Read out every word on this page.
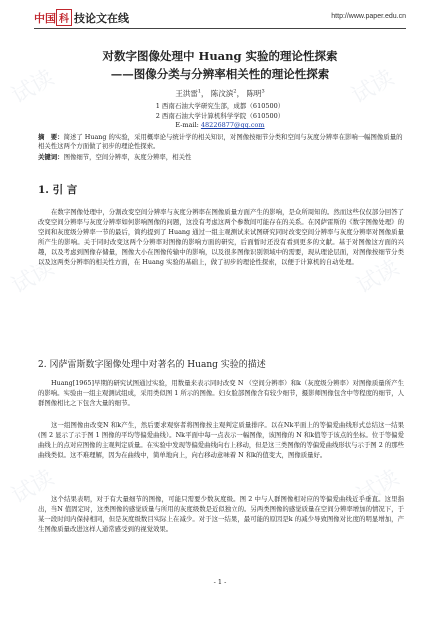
试读	试读
试读	试读
试读	试读
中国 科 技论文在线	http://www.paper.edu.cn
对数字图像处理中 Huang 实验的理论性探索
——图像分类与分辨率相关性的理论性探索
王洪雷$^1$， 陈汶滨$^2$， 陈明$^3$
1 西南石油大学研究生部，成都（610500）
2 西南石油大学计算机科学学院（610500）
E-mail: 48226877@qq.com
摘　要：简述了 Huang 的实验，采用概率论与统计学的相关知识，对图像按细节分类和空间与灰度分辨率在影响一幅图像质量的相关性这两个方面做了初步的理论性探索。
关键词：图像细节，空间分辨率，灰度分辨率，相关性
1. 引 言
在数字图像处理中，分割改变空间分辨率与灰度分辨率在图像质量方面产生的影响，是众所周知的。然而这些仅仅部分回答了改变空间分辨率与灰度分辨率如何影响图像的问题，这没有考虑这两个参数间可能存在的关系。在冈萨雷斯的《数字图像处理》的空间和灰度级分辨率一节的最后，简约提到了 Huang 通过一组主观测试来试图研究同时改变空间分辨率与灰度分辨率对图像质量所产生的影响。关于同时改变这两个分辨率对图像的影响方面的研究，后面暂时还没有看到更多的文献。基于对图像这方面的兴趣，以及考虑到图像存储量，图像大小在图像传输中的影响，以及很多图像识别领域中的需要，现从理论层面，对图像按细节分类以及这两类分辨率的相关性方面，在 Huang 实验的基础上，做了初步的理论性探索，以便于计算机的自动处理。
2. 冈萨雷斯数字图像处理中对著名的 Huang 实验的描述
Huang[1965]早期的研究试图通过实验，用数量来表示同时改变 N （空间分辨率）和k（灰度级分辨率）对图像质量所产生的影响。实验由一组主观测试组成，采用类似图 1 所示的图像。妇女脸部图像含有较少细节，摄影师图像包含中等程度的细节，人群图像相比之下包含大量的细节。
这一组图像由改变N 和k产生，然后要求观察者将图像按主观判定质量排序。以在Nk平面上的等偏爱曲线形式总结这一结果(图 2 显示了示于图 1 图像的平均等偏爱曲线）。Nk平面中每一点表示一幅图像，该图像的 N 和k值等于该点的坐标。位于等偏爱曲线上的点对应图像的主观判定质量。在实验中发现等偏爱曲线向右上移动，但是这三类图像的等偏爱曲线形状与示于图 2 的那些曲线类似。这不难理解，因为在曲线中，简单地向上，向右移动意味着 N 和k的值变大，图像质量好。
这个结果表明，对于有大量细节的图像，可能只需要少数灰度级。图 2 中与人群图像相对应的等偏爱曲线近乎垂直。这里指出，当N 值固定时，这类图像的感觉质量与所用的灰度级数是近似独立的。另两类图像的感觉质量在空间分辨率增加的情况下，于某一段时间内保持相同，但是灰度级数目实际上在减少。对于这一结果，最可能的原因是k 的减少导致图像对比度的明显增加，产生图像质量改进这样人通常感受到的视觉效果。
- 1 -
